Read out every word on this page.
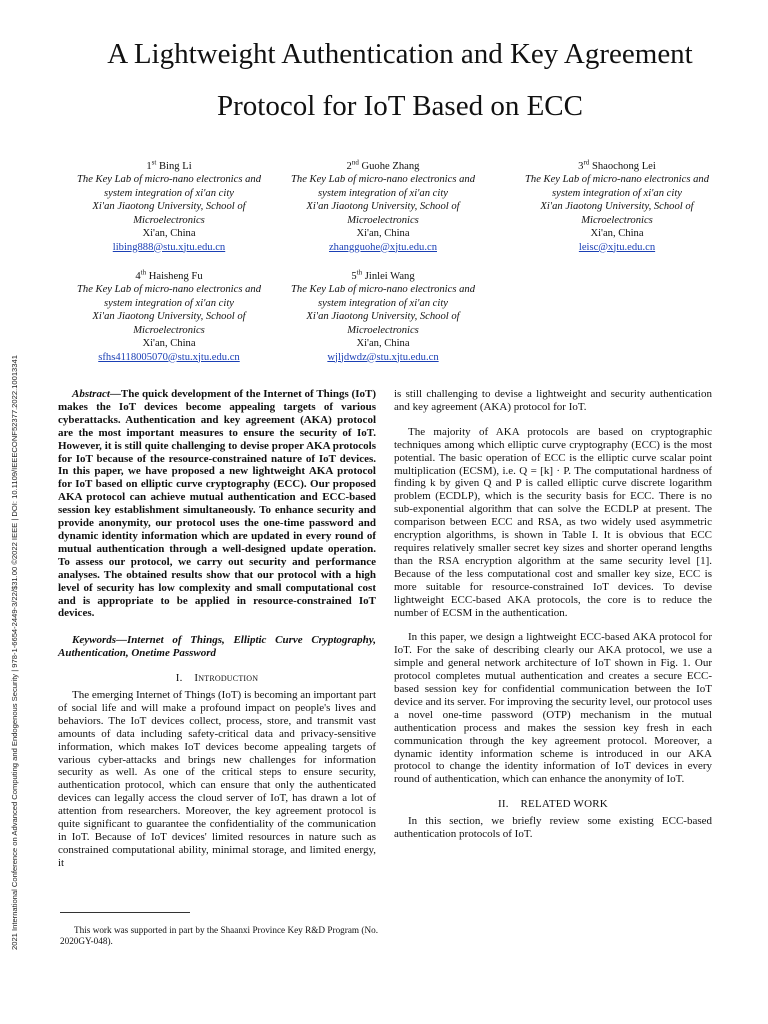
2021 International Conference on Advanced Computing and Endogenous Security | 978-1-6654-2449-3/22/$31.00 ©2022 IEEE | DOI: 10.1109/IEEECONF52377.2022.10013341
A Lightweight Authentication and Key Agreement
Protocol for IoT Based on ECC
1st Bing Li
The Key Lab of micro-nano electronics and system integration of xi'an city
Xi'an Jiaotong University, School of Microelectronics
Xi'an, China
libing888@stu.xjtu.edu.cn
2nd Guohe Zhang
The Key Lab of micro-nano electronics and system integration of xi'an city
Xi'an Jiaotong University, School of Microelectronics
Xi'an, China
zhangguohe@xjtu.edu.cn
3rd Shaochong Lei
The Key Lab of micro-nano electronics and system integration of xi'an city
Xi'an Jiaotong University, School of Microelectronics
Xi'an, China
leisc@xjtu.edu.cn
4th Haisheng Fu
The Key Lab of micro-nano electronics and system integration of xi'an city
Xi'an Jiaotong University, School of Microelectronics
Xi'an, China
sfhs4118005070@stu.xjtu.edu.cn
5th Jinlei Wang
The Key Lab of micro-nano electronics and system integration of xi'an city
Xi'an Jiaotong University, School of Microelectronics
Xi'an, China
wjljdwdz@stu.xjtu.edu.cn

Abstract—The quick development of the Internet of Things (IoT) makes the IoT devices become appealing targets of various cyberattacks. Authentication and key agreement (AKA) protocol are the most important measures to ensure the security of IoT. However, it is still quite challenging to devise proper AKA protocols for IoT because of the resource-constrained nature of IoT devices. In this paper, we have proposed a new lightweight AKA protocol for IoT based on elliptic curve cryptography (ECC). Our proposed AKA protocol can achieve mutual authentication and ECC-based session key establishment simultaneously. To enhance security and provide anonymity, our protocol uses the one-time password and dynamic identity information which are updated in every round of mutual authentication through a well-designed update operation. To assess our protocol, we carry out security and performance analyses. The obtained results show that our protocol with a high level of security has low complexity and small computational cost and is appropriate to be applied in resource-constrained IoT devices.

Keywords—Internet of Things, Elliptic Curve Cryptography, Authentication, Onetime Password

I. Introduction

The emerging Internet of Things (IoT) is becoming an important part of social life and will make a profound impact on people's lives and behaviors. The IoT devices collect, process, store, and transmit vast amounts of data including safety-critical data and privacy-sensitive information, which makes IoT devices become appealing targets of various cyber-attacks and brings new challenges for information security as well. As one of the critical steps to ensure security, authentication protocol, which can ensure that only the authenticated devices can legally access the cloud server of IoT, has drawn a lot of attention from researchers. Moreover, the key agreement protocol is quite significant to guarantee the confidentiality of the communication in IoT. Because of IoT devices' limited resources in nature such as constrained computational ability, minimal storage, and limited energy, it

is still challenging to devise a lightweight and security authentication and key agreement (AKA) protocol for IoT.

The majority of AKA protocols are based on cryptographic techniques among which elliptic curve cryptography (ECC) is the most potential. The basic operation of ECC is the elliptic curve scalar point multiplication (ECSM), i.e. Q = [k] · P. The computational hardness of finding k by given Q and P is called elliptic curve discrete logarithm problem (ECDLP), which is the security basis for ECC. There is no sub-exponential algorithm that can solve the ECDLP at present. The comparison between ECC and RSA, as two widely used asymmetric encryption algorithms, is shown in Table I. It is obvious that ECC requires relatively smaller secret key sizes and shorter operand lengths than the RSA encryption algorithm at the same security level [1]. Because of the less computational cost and smaller key size, ECC is more suitable for resource-constrained IoT devices. To devise lightweight ECC-based AKA protocols, the core is to reduce the number of ECSM in the authentication.

In this paper, we design a lightweight ECC-based AKA protocol for IoT. For the sake of describing clearly our AKA protocol, we use a simple and general network architecture of IoT shown in Fig. 1. Our protocol completes mutual authentication and creates a secure ECC-based session key for confidential communication between the IoT device and its server. For improving the security level, our protocol uses a novel one-time password (OTP) mechanism in the mutual authentication process and makes the session key fresh in each communication through the key agreement protocol. Moreover, a dynamic identity information scheme is introduced in our AKA protocol to change the identity information of IoT devices in every round of authentication, which can enhance the anonymity of IoT.

II. RELATED WORK

In this section, we briefly review some existing ECC-based authentication protocols of IoT.

This work was supported in part by the Shaanxi Province Key R&D Program (No. 2020GY-048).
